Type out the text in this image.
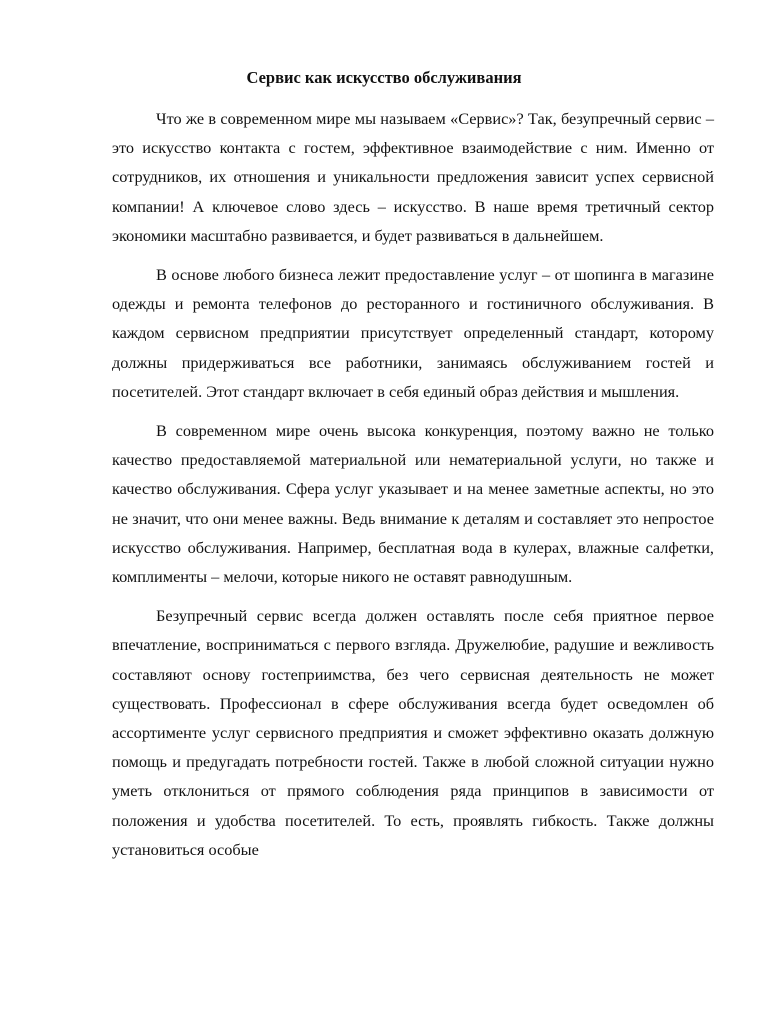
Сервис как искусство обслуживания

Что же в современном мире мы называем «Сервис»? Так, безупречный сервис – это искусство контакта с гостем, эффективное взаимодействие с ним. Именно от сотрудников, их отношения и уникальности предложения зависит успех сервисной компании! А ключевое слово здесь – искусство. В наше время третичный сектор экономики масштабно развивается, и будет развиваться в дальнейшем.

В основе любого бизнеса лежит предоставление услуг – от шопинга в магазине одежды и ремонта телефонов до ресторанного и гостиничного обслуживания. В каждом сервисном предприятии присутствует определенный стандарт, которому должны придерживаться все работники, занимаясь обслуживанием гостей и посетителей. Этот стандарт включает в себя единый образ действия и мышления.

В современном мире очень высока конкуренция, поэтому важно не только качество предоставляемой материальной или нематериальной услуги, но также и качество обслуживания. Сфера услуг указывает и на менее заметные аспекты, но это не значит, что они менее важны. Ведь внимание к деталям и составляет это непростое искусство обслуживания. Например, бесплатная вода в кулерах, влажные салфетки, комплименты – мелочи, которые никого не оставят равнодушным.

Безупречный сервис всегда должен оставлять после себя приятное первое впечатление, восприниматься с первого взгляда. Дружелюбие, радушие и вежливость составляют основу гостеприимства, без чего сервисная деятельность не может существовать. Профессионал в сфере обслуживания всегда будет осведомлен об ассортименте услуг сервисного предприятия и сможет эффективно оказать должную помощь и предугадать потребности гостей. Также в любой сложной ситуации нужно уметь отклониться от прямого соблюдения ряда принципов в зависимости от положения и удобства посетителей. То есть, проявлять гибкость. Также должны установиться особые
